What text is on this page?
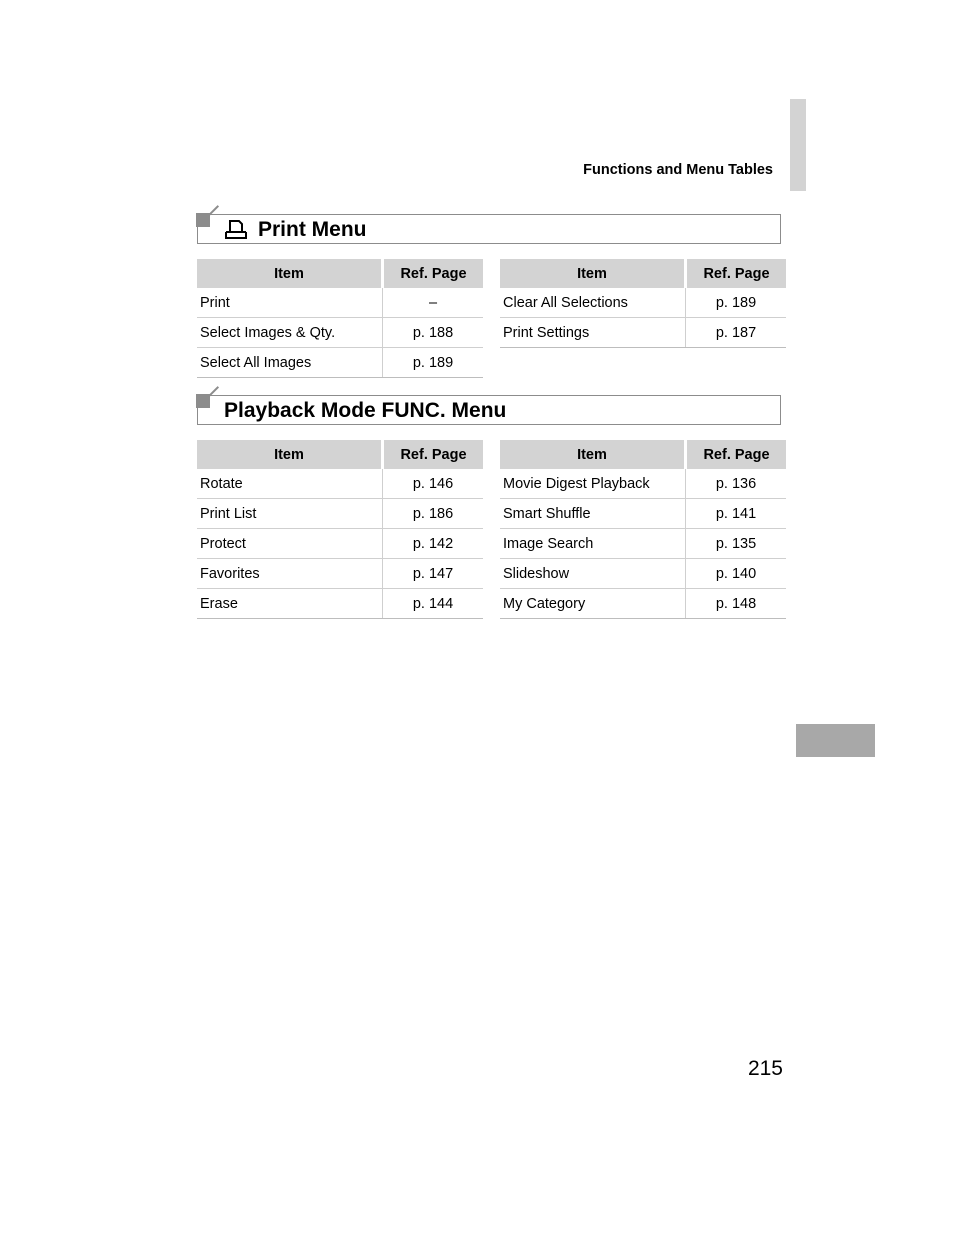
Functions and Menu Tables
Print Menu
Item	Ref. Page
Print	–
Select Images & Qty.	p. 188
Select All Images	p. 189
Item	Ref. Page
Clear All Selections	p. 189
Print Settings	p. 187
Playback Mode FUNC. Menu
Item	Ref. Page
Rotate	p. 146
Print List	p. 186
Protect	p. 142
Favorites	p. 147
Erase	p. 144
Item	Ref. Page
Movie Digest Playback	p. 136
Smart Shuffle	p. 141
Image Search	p. 135
Slideshow	p. 140
My Category	p. 148
215
